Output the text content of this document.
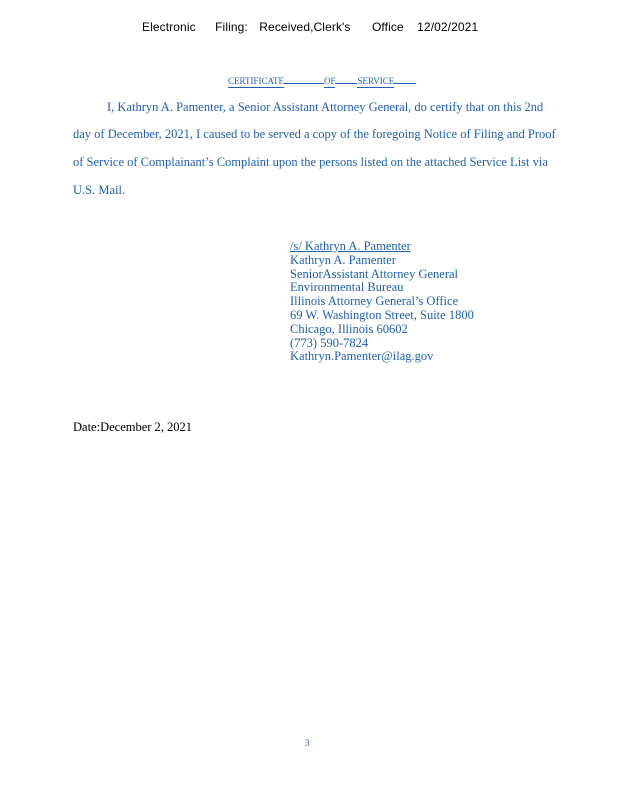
Electronic Filing: Received,Clerk's Office 12/02/2021
CERTIFICATE	OF SERVICE
I, Kathryn A. Pamenter, a Senior Assistant Attorney General, do certify that on this 2nd
day of December, 2021, I caused to be served a copy of the foregoing Notice of Filing and Proof
of Service of Complainant’s Complaint upon the persons listed on the attached Service List via
U.S. Mail.
/s/ Kathryn A. Pamenter
Kathryn A. Pamenter
SeniorAssistant Attorney General
Environmental Bureau
Illinois Attorney General’s Office
69 W. Washington Street, Suite 1800
Chicago, Illinois 60602
(773) 590-7824
Kathryn.Pamenter@ilag.gov
Date:December 2, 2021
3
